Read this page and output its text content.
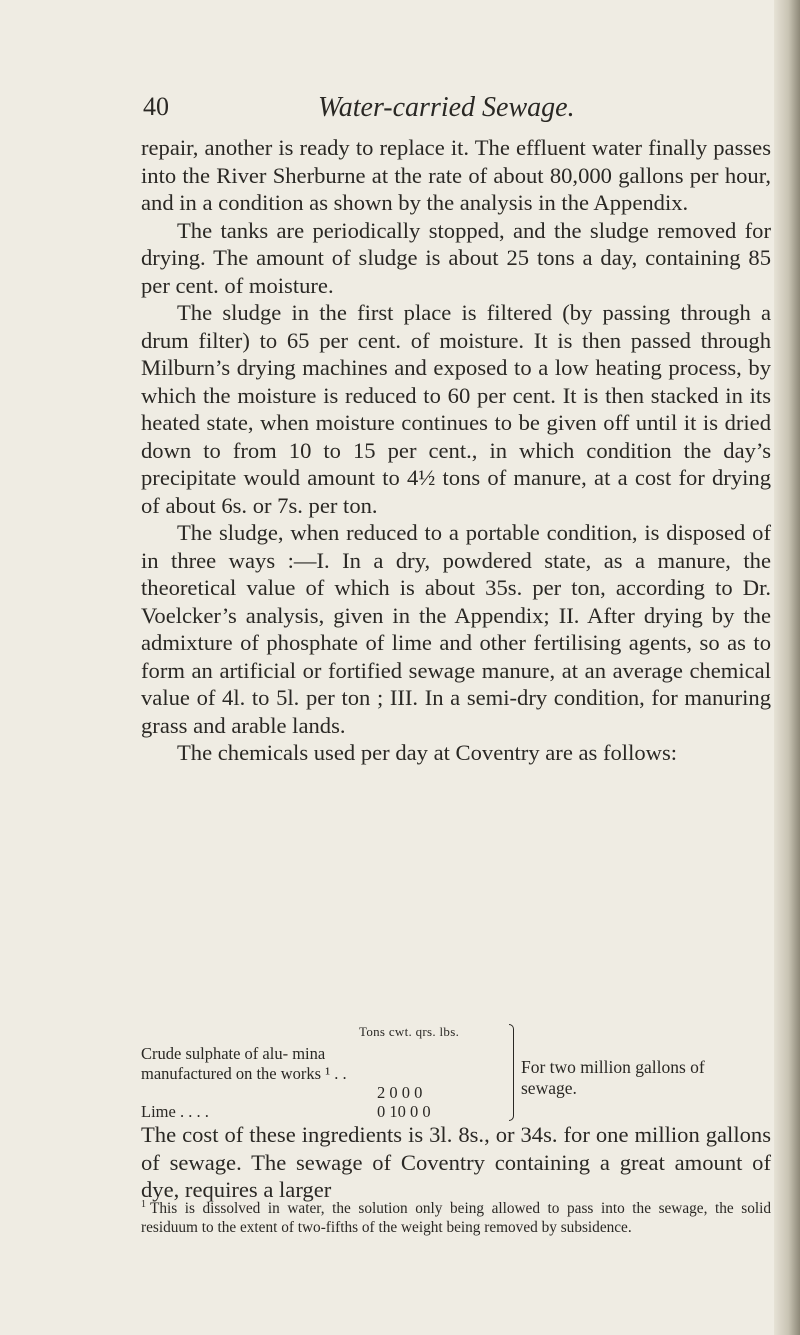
40	Water-carried Sewage.

repair, another is ready to replace it. The effluent water finally passes into the River Sherburne at the rate of about 80,000 gallons per hour, and in a condition as shown by the analysis in the Appendix.

The tanks are periodically stopped, and the sludge removed for drying. The amount of sludge is about 25 tons a day, containing 85 per cent. of moisture.

The sludge in the first place is filtered (by passing through a drum filter) to 65 per cent. of moisture. It is then passed through Milburn’s drying machines and exposed to a low heating process, by which the moisture is reduced to 60 per cent. It is then stacked in its heated state, when moisture continues to be given off until it is dried down to from 10 to 15 per cent., in which condition the day’s precipitate would amount to 4½ tons of manure, at a cost for drying of about 6s. or 7s. per ton.

The sludge, when reduced to a portable condition, is disposed of in three ways :—I. In a dry, powdered state, as a manure, the theoretical value of which is about 35s. per ton, according to Dr. Voelcker’s analysis, given in the Appendix; II. After drying by the admixture of phosphate of lime and other fertilising agents, so as to form an artificial or fortified sewage manure, at an average chemical value of 4l. to 5l. per ton ; III. In a semi-dry condition, for manuring grass and arable lands.

The chemicals used per day at Coventry are as follows:

Tons cwt. qrs. lbs.
Crude sulphate of alu- mina manufactured on the works ¹ . .
2 0 0 0
Lime . . . .	0 10 0 0
For two million gallons of sewage.

The cost of these ingredients is 3l. 8s., or 34s. for one million gallons of sewage. The sewage of Coventry containing a great amount of dye, requires a larger

$^1$ This is dissolved in water, the solution only being allowed to pass into the sewage, the solid residuum to the extent of two-fifths of the weight being removed by subsidence.
